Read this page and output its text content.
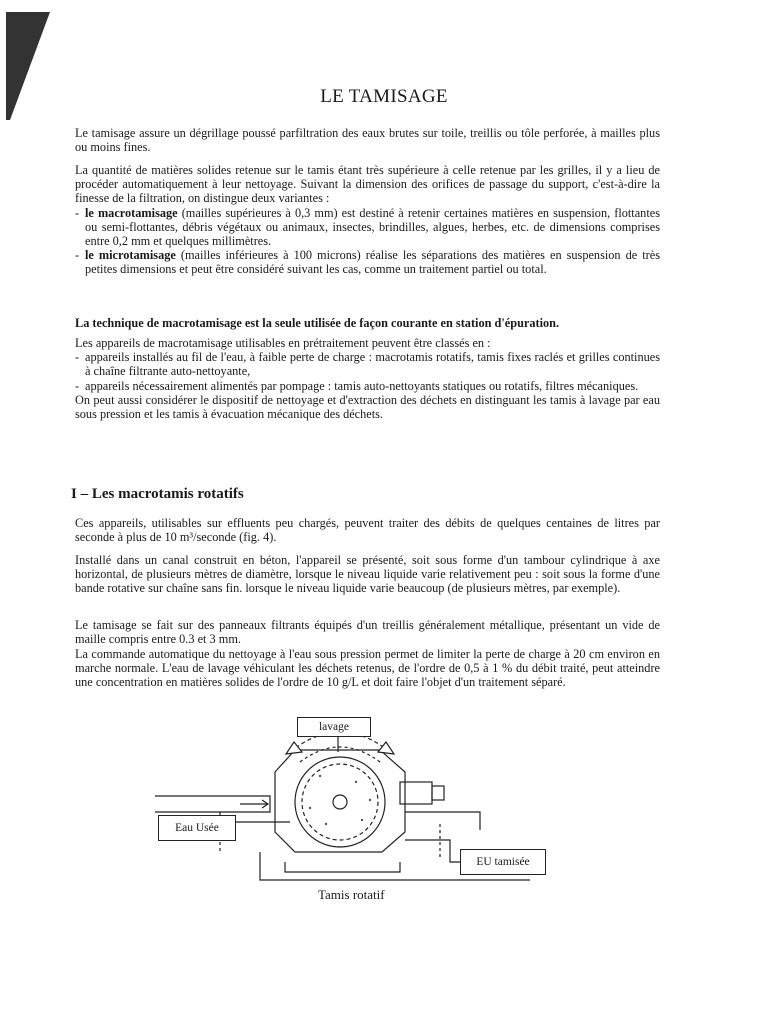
LE TAMISAGE
Le tamisage assure un dégrillage poussé parfiltration des eaux brutes sur toile, treillis ou tôle perforée, à mailles plus ou moins fines.
La quantité de matières solides retenue sur le tamis étant très supérieure à celle retenue par les grilles, il y a lieu de procéder automatiquement à leur nettoyage. Suivant la dimension des orifices de passage du support, c'est-à-dire la finesse de la filtration, on distingue deux variantes :
- le macrotamisage (mailles supérieures à 0,3 mm) est destiné à retenir certaines matières en suspension, flottantes ou semi-flottantes, débris végétaux ou animaux, insectes, brindilles, algues, herbes, etc. de dimensions comprises entre 0,2 mm et quelques millimètres.
- le microtamisage (mailles inférieures à 100 microns) réalise les séparations des matières en suspension de très petites dimensions et peut être considéré suivant les cas, comme un traitement partiel ou total.
La technique de macrotamisage est la seule utilisée de façon courante en station d'épuration.
Les appareils de macrotamisage utilisables en prétraitement peuvent être classés en :
- appareils installés au fil de l'eau, à faible perte de charge : macrotamis rotatifs, tamis fixes raclés et grilles continues à chaîne filtrante auto-nettoyante,
- appareils nécessairement alimentés par pompage : tamis auto-nettoyants statiques ou rotatifs, filtres mécaniques.
On peut aussi considérer le dispositif de nettoyage et d'extraction des déchets en distinguant les tamis à lavage par eau sous pression et les tamis à évacuation mécanique des déchets.
I – Les macrotamis rotatifs
Ces appareils, utilisables sur effluents peu chargés, peuvent traiter des débits de quelques centaines de litres par seconde à plus de 10 m³/seconde (fig. 4).
Installé dans un canal construit en béton, l'appareil se présenté, soit sous forme d'un tambour cylindrique à axe horizontal, de plusieurs mètres de diamètre, lorsque le niveau liquide varie relativement peu : soit sous la forme d'une bande rotative sur chaîne sans fin. lorsque le niveau liquide varie beaucoup (de plusieurs mètres, par exemple).
Le tamisage se fait sur des panneaux filtrants équipés d'un treillis généralement métallique, présentant un vide de maille compris entre 0.3 et 3 mm.
La commande automatique du nettoyage à l'eau sous pression permet de limiter la perte de charge à 20 cm environ en marche normale. L'eau de lavage véhiculant les déchets retenus, de l'ordre de 0,5 à 1 % du débit traité, peut atteindre une concentration en matières solides de l'ordre de 10 g/L et doit faire l'objet d'un traitement séparé.
lavage
Eau Usée
EU tamisée
Tamis rotatif
